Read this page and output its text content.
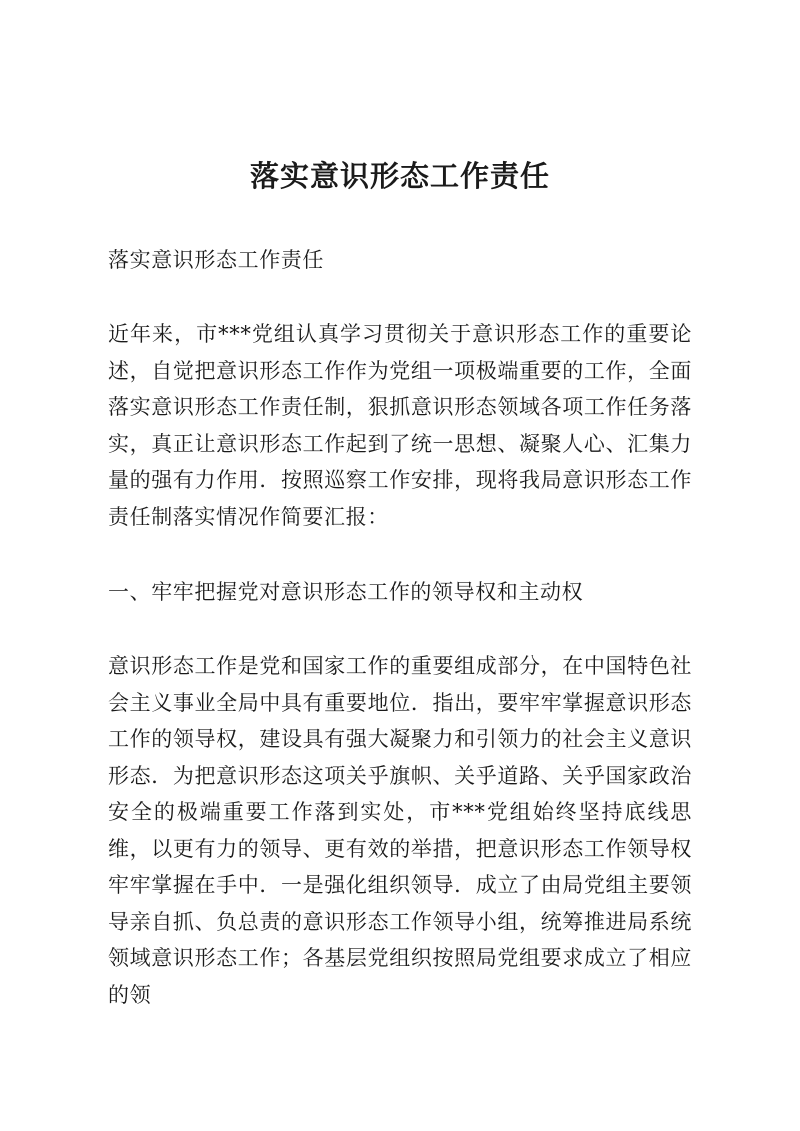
落实意识形态工作责任

落实意识形态工作责任

近年来，市***党组认真学习贯彻关于意识形态工作的重要论述，自觉把意识形态工作作为党组一项极端重要的工作，全面落实意识形态工作责任制，狠抓意识形态领域各项工作任务落实，真正让意识形态工作起到了统一思想、凝聚人心、汇集力量的强有力作用．按照巡察工作安排，现将我局意识形态工作责任制落实情况作简要汇报：

一、牢牢把握党对意识形态工作的领导权和主动权

意识形态工作是党和国家工作的重要组成部分，在中国特色社会主义事业全局中具有重要地位．指出，要牢牢掌握意识形态工作的领导权，建设具有强大凝聚力和引领力的社会主义意识形态．为把意识形态这项关乎旗帜、关乎道路、关乎国家政治安全的极端重要工作落到实处，市***党组始终坚持底线思维，以更有力的领导、更有效的举措，把意识形态工作领导权牢牢掌握在手中．一是强化组织领导．成立了由局党组主要领导亲自抓、负总责的意识形态工作领导小组，统筹推进局系统领域意识形态工作；各基层党组织按照局党组要求成立了相应的领
